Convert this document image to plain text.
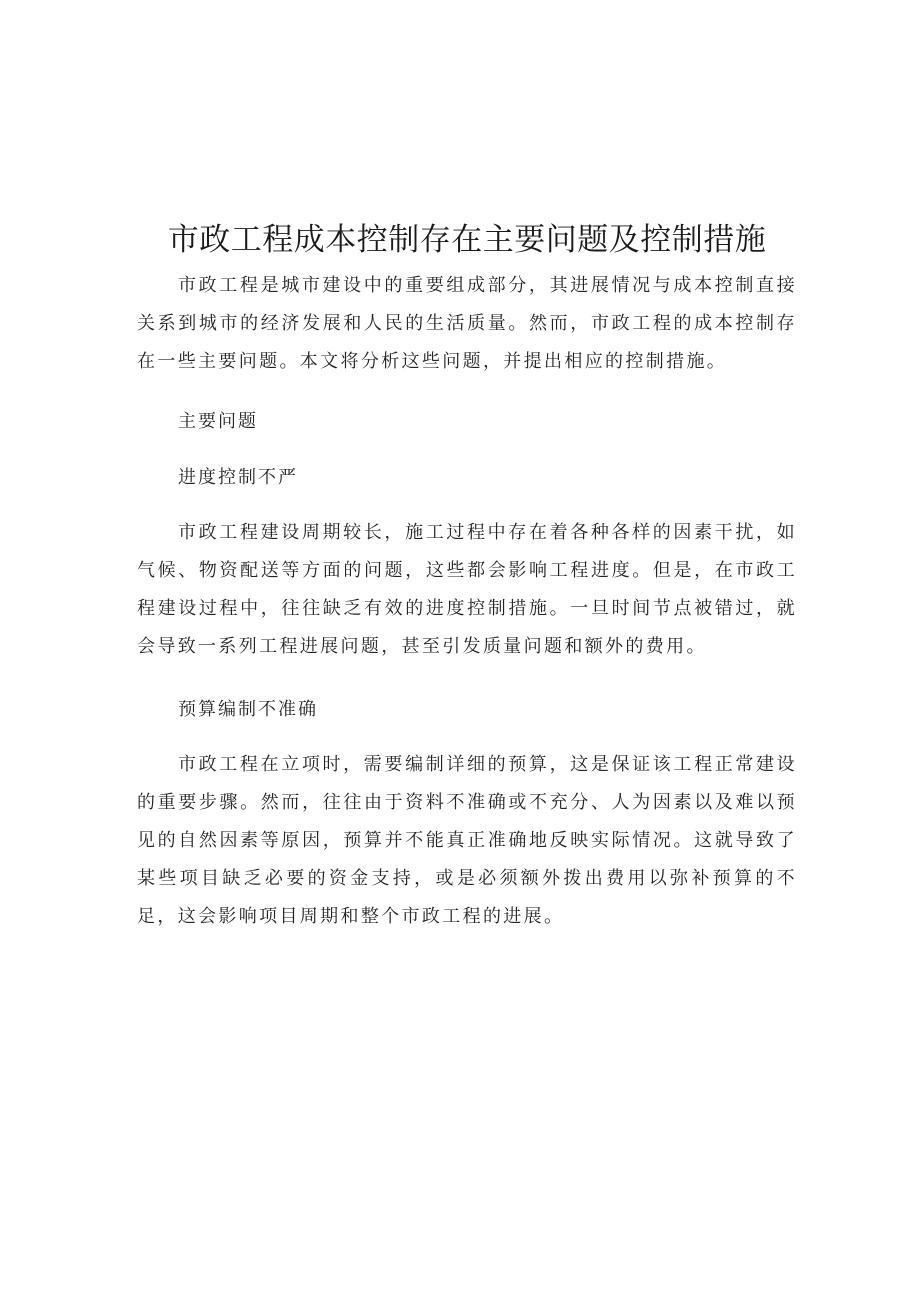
市政工程成本控制存在主要问题及控制措施

市政工程是城市建设中的重要组成部分，其进展情况与成本控制直接关系到城市的经济发展和人民的生活质量。然而，市政工程的成本控制存在一些主要问题。本文将分析这些问题，并提出相应的控制措施。

主要问题
进度控制不严

市政工程建设周期较长，施工过程中存在着各种各样的因素干扰，如气候、物资配送等方面的问题，这些都会影响工程进度。但是，在市政工程建设过程中，往往缺乏有效的进度控制措施。一旦时间节点被错过，就会导致一系列工程进展问题，甚至引发质量问题和额外的费用。

预算编制不准确

市政工程在立项时，需要编制详细的预算，这是保证该工程正常建设的重要步骤。然而，往往由于资料不准确或不充分、人为因素以及难以预见的自然因素等原因，预算并不能真正准确地反映实际情况。这就导致了某些项目缺乏必要的资金支持，或是必须额外拨出费用以弥补预算的不足，这会影响项目周期和整个市政工程的进展。
